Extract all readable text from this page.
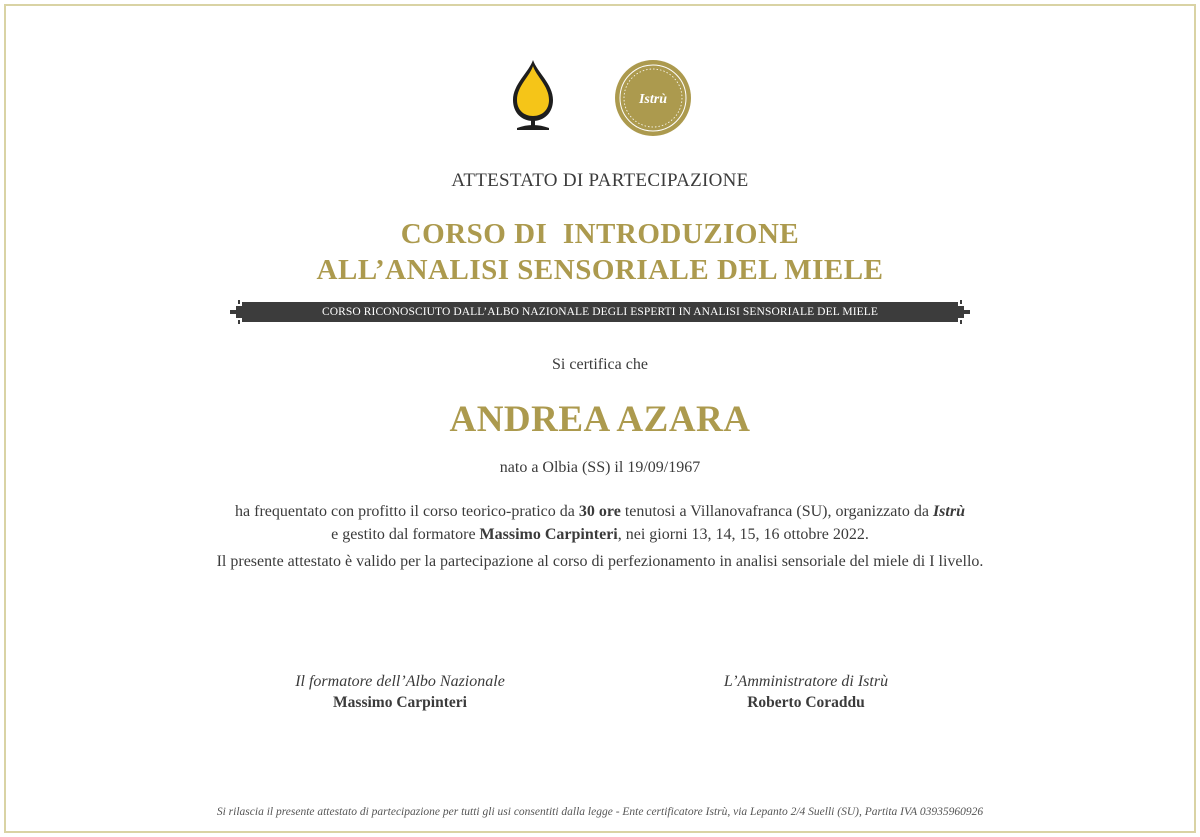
Istrù
ATTESTATO DI PARTECIPAZIONE
CORSO DI  INTRODUZIONE
ALL’ANALISI SENSORIALE DEL MIELE
CORSO RICONOSCIUTO DALL’ALBO NAZIONALE DEGLI ESPERTI IN ANALISI SENSORIALE DEL MIELE
Si certifica che
ANDREA AZARA
nato a Olbia (SS) il 19/09/1967
ha frequentato con profitto il corso teorico-pratico da 30 ore tenutosi a Villanovafranca (SU), organizzato da Istrù
e gestito dal formatore Massimo Carpinteri, nei giorni 13, 14, 15, 16 ottobre 2022.
Il presente attestato è valido per la partecipazione al corso di perfezionamento in analisi sensoriale del miele di I livello.
Il formatore dell’Albo Nazionale
Massimo Carpinteri
L’Amministratore di Istrù
Roberto Coraddu
Si rilascia il presente attestato di partecipazione per tutti gli usi consentiti dalla legge - Ente certificatore Istrù, via Lepanto 2/4 Suelli (SU), Partita IVA 03935960926
